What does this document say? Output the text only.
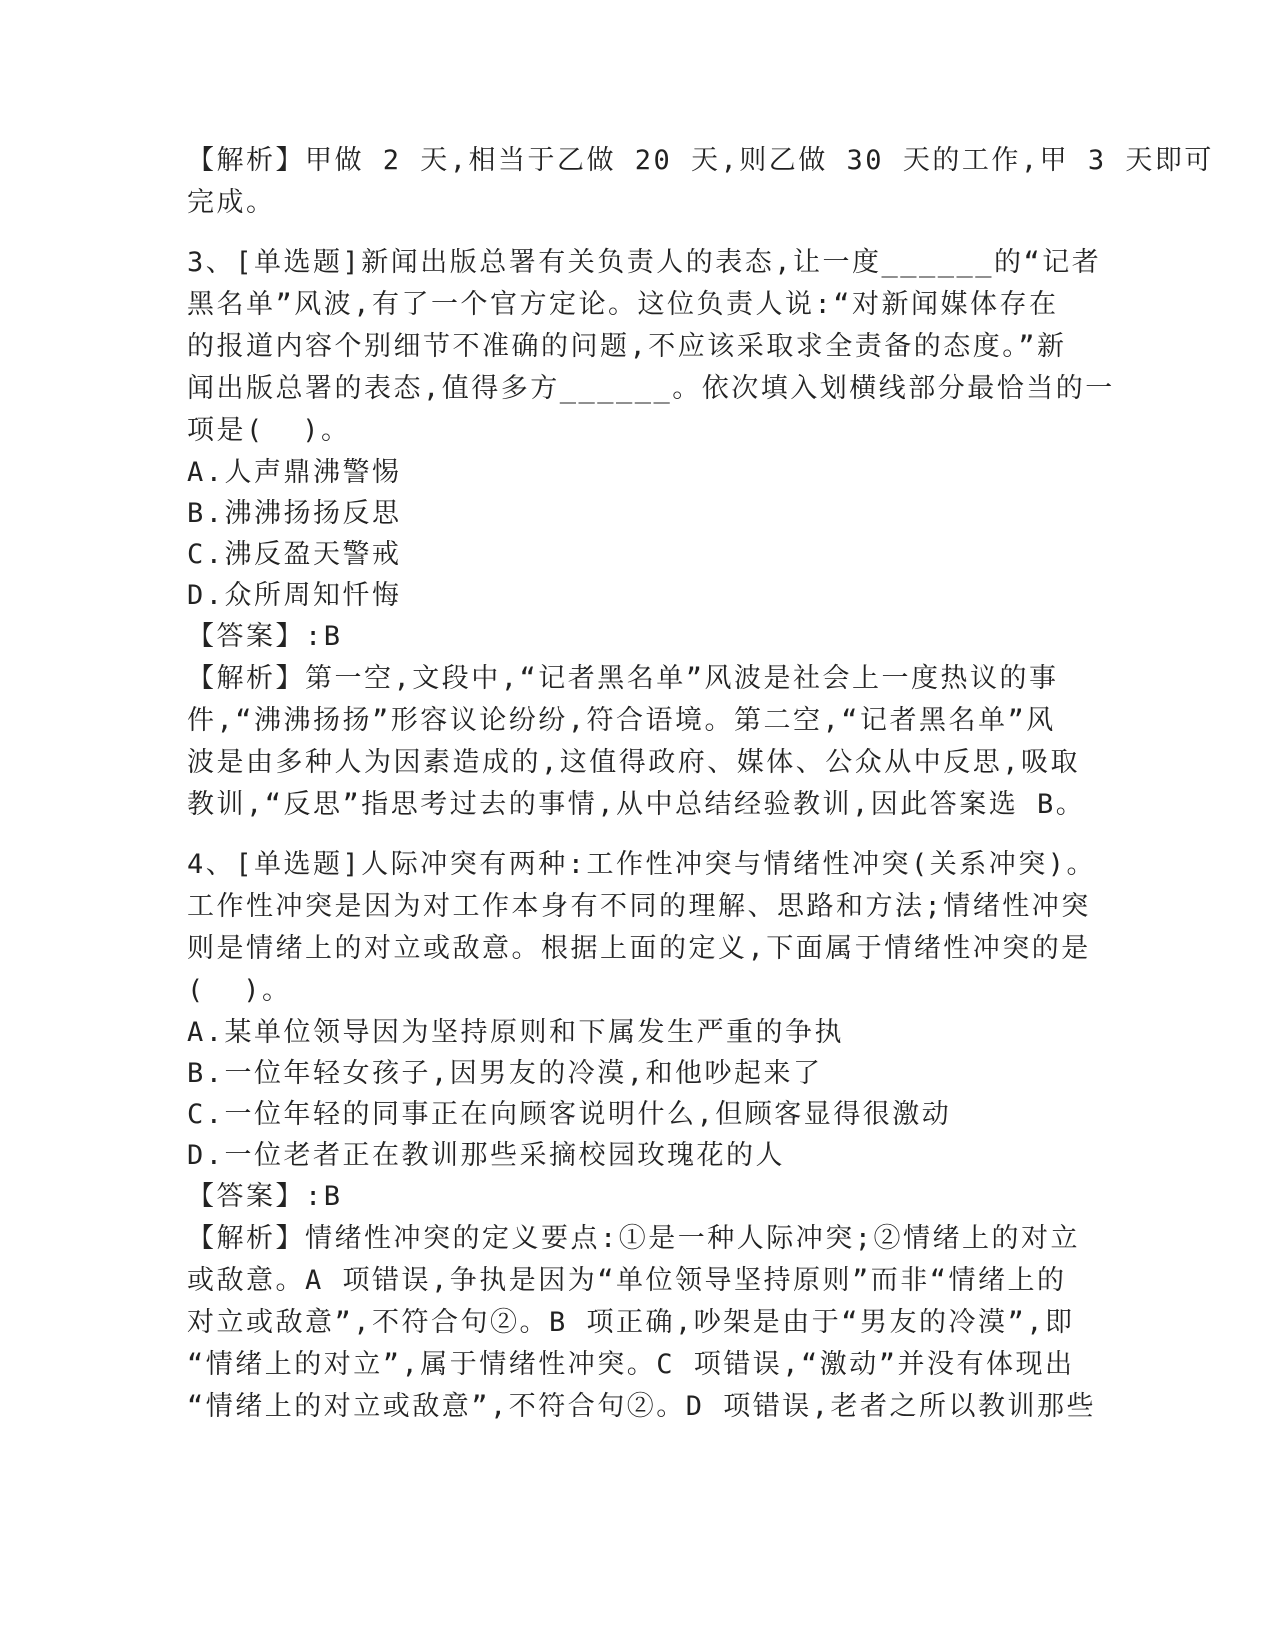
【解析】甲做 2 天,相当于乙做 20 天,则乙做 30 天的工作,甲 3 天即可

完成。

3、[单选题]新闻出版总署有关负责人的表态,让一度______的“记者

黑名单”风波,有了一个官方定论。这位负责人说:“对新闻媒体存在

的报道内容个别细节不准确的问题,不应该采取求全责备的态度。”新

闻出版总署的表态,值得多方______。依次填入划横线部分最恰当的一

项是(  )。

A.人声鼎沸警惕

B.沸沸扬扬反思

C.沸反盈天警戒

D.众所周知忏悔

【答案】:B

【解析】第一空,文段中,“记者黑名单”风波是社会上一度热议的事

件,“沸沸扬扬”形容议论纷纷,符合语境。第二空,“记者黑名单”风

波是由多种人为因素造成的,这值得政府、媒体、公众从中反思,吸取

教训,“反思”指思考过去的事情,从中总结经验教训,因此答案选 B。

4、[单选题]人际冲突有两种:工作性冲突与情绪性冲突(关系冲突)。

工作性冲突是因为对工作本身有不同的理解、思路和方法;情绪性冲突

则是情绪上的对立或敌意。根据上面的定义,下面属于情绪性冲突的是

(  )。

A.某单位领导因为坚持原则和下属发生严重的争执

B.一位年轻女孩子,因男友的冷漠,和他吵起来了

C.一位年轻的同事正在向顾客说明什么,但顾客显得很激动

D.一位老者正在教训那些采摘校园玫瑰花的人

【答案】:B

【解析】情绪性冲突的定义要点:①是一种人际冲突;②情绪上的对立

或敌意。A 项错误,争执是因为“单位领导坚持原则”而非“情绪上的

对立或敌意”,不符合句②。B 项正确,吵架是由于“男友的冷漠”,即

“情绪上的对立”,属于情绪性冲突。C 项错误,“激动”并没有体现出

“情绪上的对立或敌意”,不符合句②。D 项错误,老者之所以教训那些
